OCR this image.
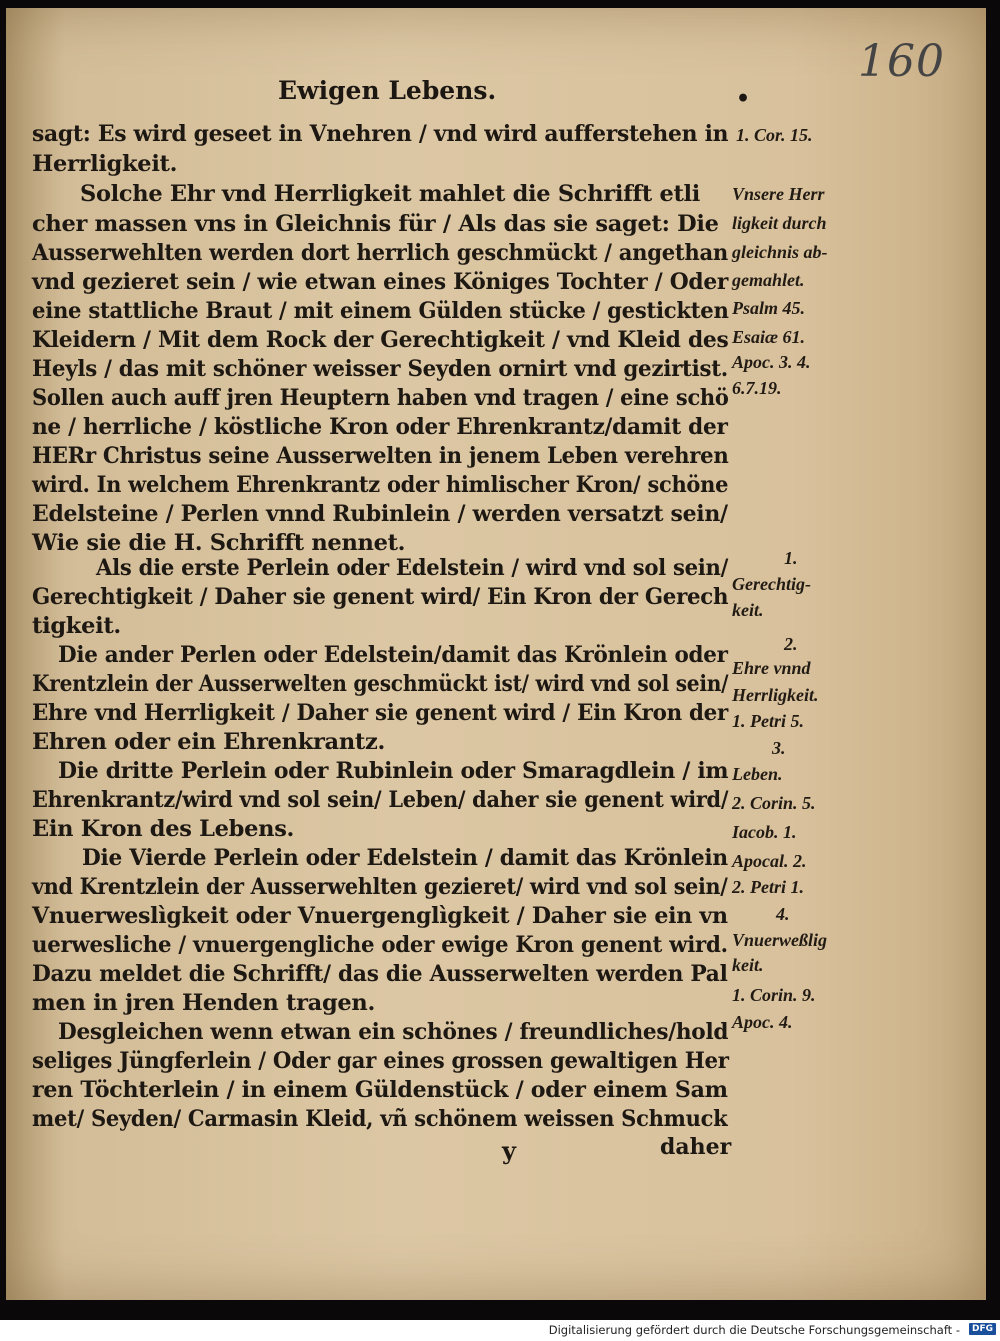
160
Ewigen Lebens.	•
sagt: Es wird geseet in Vnehren / vnd wird aufferstehen in
Herrligkeit.
Solche Ehr vnd Herrligkeit mahlet die Schrifft etli
cher massen vns in Gleichnis für / Als das sie saget: Die
Ausserwehlten werden dort herrlich geschmückt / angethan
vnd gezieret sein / wie etwan eines Königes Tochter / Oder
eine stattliche Braut / mit einem Gülden stücke / gestickten
Kleidern / Mit dem Rock der Gerechtigkeit / vnd Kleid des
Heyls / das mit schöner weisser Seyden ornirt vnd gezirtist.
Sollen auch auff jren Heuptern haben vnd tragen / eine schö
ne / herrliche / köstliche Kron oder Ehrenkrantz/damit der
HERr Christus seine Ausserwelten in jenem Leben verehren
wird. In welchem Ehrenkrantz oder himlischer Kron/ schöne
Edelsteine / Perlen vnnd Rubinlein / werden versatzt sein/
Wie sie die H. Schrifft nennet.
Als die erste Perlein oder Edelstein / wird vnd sol sein/
Gerechtigkeit / Daher sie genent wird/ Ein Kron der Gerech
tigkeit.
Die ander Perlen oder Edelstein/damit das Krönlein oder
Krentzlein der Ausserwelten geschmückt ist/ wird vnd sol sein/
Ehre vnd Herrligkeit / Daher sie genent wird / Ein Kron der
Ehren oder ein Ehrenkrantz.
Die dritte Perlein oder Rubinlein oder Smaragdlein / im
Ehrenkrantz/wird vnd sol sein/ Leben/ daher sie genent wird/
Ein Kron des Lebens.
Die Vierde Perlein oder Edelstein / damit das Krönlein
vnd Krentzlein der Ausserwehlten gezieret/ wird vnd sol sein/
Vnuerweslìgkeit oder Vnuergenglìgkeit / Daher sie ein vn
uerwesliche / vnuergengliche oder ewige Kron genent wird.
Dazu meldet die Schrifft/ das die Ausserwelten werden Pal
men in jren Henden tragen.
Desgleichen wenn etwan ein schönes / freundliches/hold
seliges Jüngferlein / Oder gar eines grossen gewaltigen Her
ren Töchterlein / in einem Güldenstück / oder einem Sam
met/ Seyden/ Carmasin Kleid, vñ schönem weissen Schmuck
1. Cor. 15.
Vnsere Herr
ligkeit durch
gleichnis ab-
gemahlet.
Psalm 45.
Esaiæ 61.
Apoc. 3. 4.
6.7.19.
1.
Gerechtig-
keit.
2.
Ehre vnnd
Herrligkeit.
1. Petri 5.
3.
Leben.
2. Corin. 5.
Iacob. 1.
Apocal. 2.
2. Petri 1.
4.
Vnuerweßlig
keit.
1. Corin. 9.
Apoc. 4.
y	daher
Digitalisierung gefördert durch die Deutsche Forschungsgemeinschaft -	DFG
